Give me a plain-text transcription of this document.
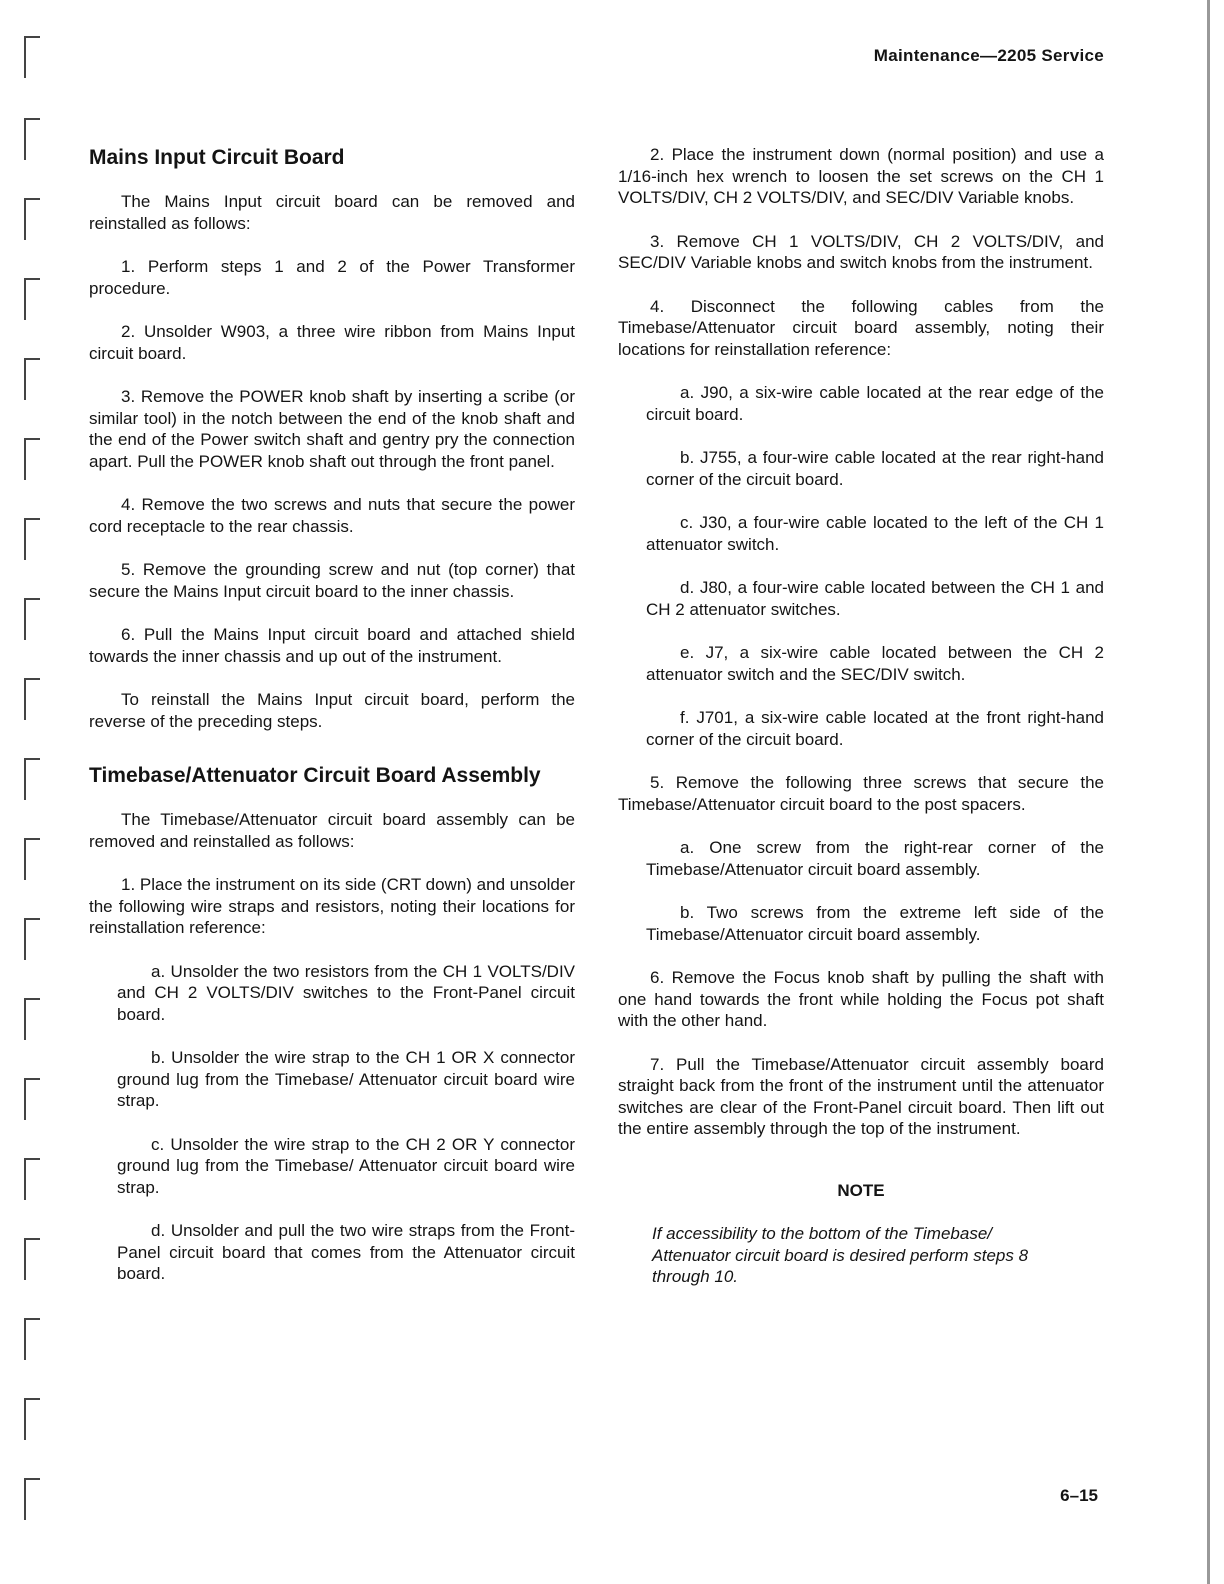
Maintenance—2205 Service
Mains Input Circuit Board

The Mains Input circuit board can be removed and reinstalled as follows:

1. Perform steps 1 and 2 of the Power Transformer procedure.

2. Unsolder W903, a three wire ribbon from Mains Input circuit board.

3. Remove the POWER knob shaft by inserting a scribe (or similar tool) in the notch between the end of the knob shaft and the end of the Power switch shaft and gentry pry the connection apart. Pull the POWER knob shaft out through the front panel.

4. Remove the two screws and nuts that secure the power cord receptacle to the rear chassis.

5. Remove the grounding screw and nut (top corner) that secure the Mains Input circuit board to the inner chassis.

6. Pull the Mains Input circuit board and attached shield towards the inner chassis and up out of the instrument.

To reinstall the Mains Input circuit board, perform the reverse of the preceding steps.

Timebase/Attenuator Circuit Board Assembly

The Timebase/Attenuator circuit board assembly can be removed and reinstalled as follows:

1. Place the instrument on its side (CRT down) and unsolder the following wire straps and resistors, noting their locations for reinstallation reference:

a. Unsolder the two resistors from the CH 1 VOLTS/DIV and CH 2 VOLTS/DIV switches to the Front-Panel circuit board.

b. Unsolder the wire strap to the CH 1 OR X connector ground lug from the Timebase/ Attenuator circuit board wire strap.

c. Unsolder the wire strap to the CH 2 OR Y connector ground lug from the Timebase/ Attenuator circuit board wire strap.

d. Unsolder and pull the two wire straps from the Front-Panel circuit board that comes from the Attenuator circuit board.

2. Place the instrument down (normal position) and use a 1/16-inch hex wrench to loosen the set screws on the CH 1 VOLTS/DIV, CH 2 VOLTS/DIV, and SEC/DIV Variable knobs.

3. Remove CH 1 VOLTS/DIV, CH 2 VOLTS/DIV, and SEC/DIV Variable knobs and switch knobs from the instrument.

4. Disconnect the following cables from the Timebase/Attenuator circuit board assembly, noting their locations for reinstallation reference:

a. J90, a six-wire cable located at the rear edge of the circuit board.

b. J755, a four-wire cable located at the rear right-hand corner of the circuit board.

c. J30, a four-wire cable located to the left of the CH 1 attenuator switch.

d. J80, a four-wire cable located between the CH 1 and CH 2 attenuator switches.

e. J7, a six-wire cable located between the CH 2 attenuator switch and the SEC/DIV switch.

f. J701, a six-wire cable located at the front right-hand corner of the circuit board.

5. Remove the following three screws that secure the Timebase/Attenuator circuit board to the post spacers.

a. One screw from the right-rear corner of the Timebase/Attenuator circuit board assembly.

b. Two screws from the extreme left side of the Timebase/Attenuator circuit board assembly.

6. Remove the Focus knob shaft by pulling the shaft with one hand towards the front while holding the Focus pot shaft with the other hand.

7. Pull the Timebase/Attenuator circuit assembly board straight back from the front of the instrument until the attenuator switches are clear of the Front-Panel circuit board. Then lift out the entire assembly through the top of the instrument.

NOTE

If accessibility to the bottom of the Timebase/ Attenuator circuit board is desired perform steps 8 through 10.

6–15
